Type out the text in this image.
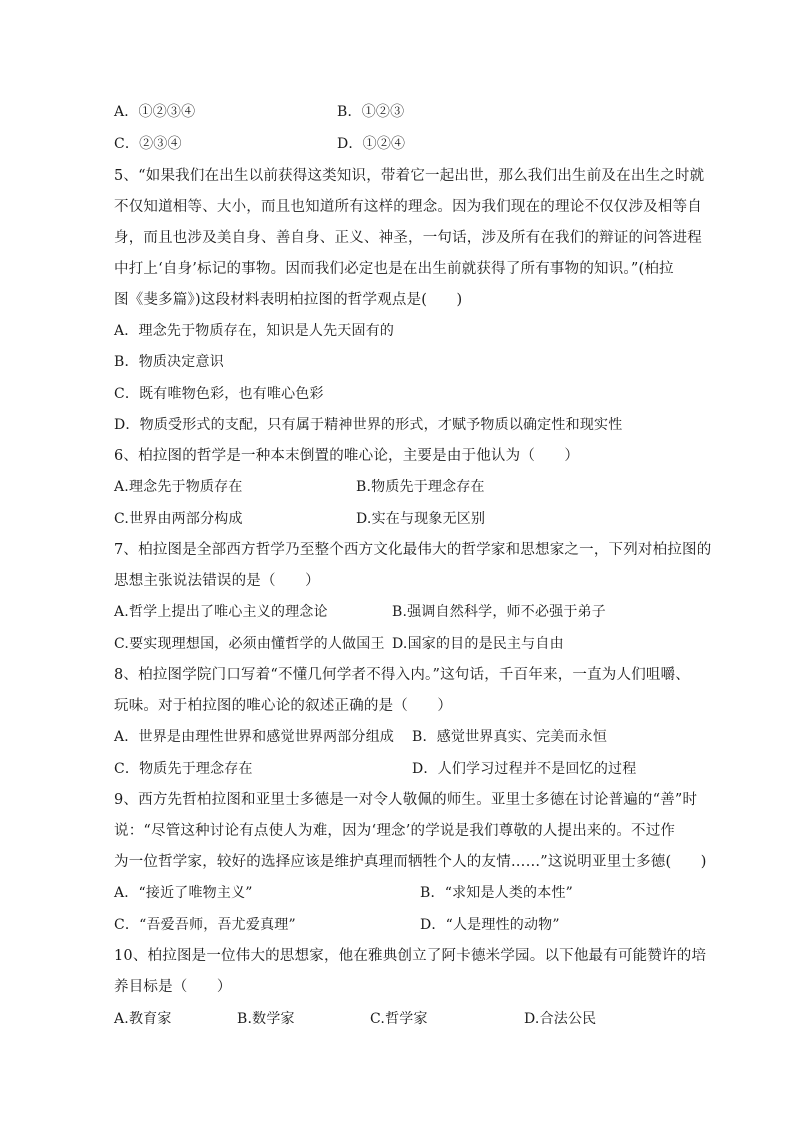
A．①②③④	B．①②③
C．②③④	D．①②④
5、“如果我们在出生以前获得这类知识，带着它一起出世，那么我们出生前及在出生之时就
不仅知道相等、大小，而且也知道所有这样的理念。因为我们现在的理论不仅仅涉及相等自
身，而且也涉及美自身、善自身、正义、神圣，一句话，涉及所有在我们的辩证的问答进程
中打上‘自身’标记的事物。因而我们必定也是在出生前就获得了所有事物的知识。”(柏拉
图《斐多篇》)这段材料表明柏拉图的哲学观点是(　　)
A．理念先于物质存在，知识是人先天固有的
B．物质决定意识
C．既有唯物色彩，也有唯心色彩
D．物质受形式的支配，只有属于精神世界的形式，才赋予物质以确定性和现实性
6、柏拉图的哲学是一种本末倒置的唯心论，主要是由于他认为（　　）
A.理念先于物质存在	B.物质先于理念存在
C.世界由两部分构成	D.实在与现象无区别
7、柏拉图是全部西方哲学乃至整个西方文化最伟大的哲学家和思想家之一，下列对柏拉图的
思想主张说法错误的是（　　）
A.哲学上提出了唯心主义的理念论	B.强调自然科学，师不必强于弟子
C.要实现理想国，必须由懂哲学的人做国王 D.国家的目的是民主与自由
8、柏拉图学院门口写着“不懂几何学者不得入内。”这句话，千百年来，一直为人们咀嚼、
玩味。对于柏拉图的唯心论的叙述正确的是（　　）
A．世界是由理性世界和感觉世界两部分组成 B．感觉世界真实、完美而永恒
C．物质先于理念存在	D．人们学习过程并不是回忆的过程
9、西方先哲柏拉图和亚里士多德是一对令人敬佩的师生。亚里士多德在讨论普遍的“善”时
说：“尽管这种讨论有点使人为难，因为‘理念’的学说是我们尊敬的人提出来的。不过作
为一位哲学家，较好的选择应该是维护真理而牺牲个人的友情……”这说明亚里士多德(　　)
A．“接近了唯物主义”	B．“求知是人类的本性”
C．“吾爱吾师，吾尤爱真理”	D．“人是理性的动物”
10、柏拉图是一位伟大的思想家，他在雅典创立了阿卡德米学园。以下他最有可能赞许的培
养目标是（　　）
A.教育家	B.数学家	C.哲学家	D.合法公民
